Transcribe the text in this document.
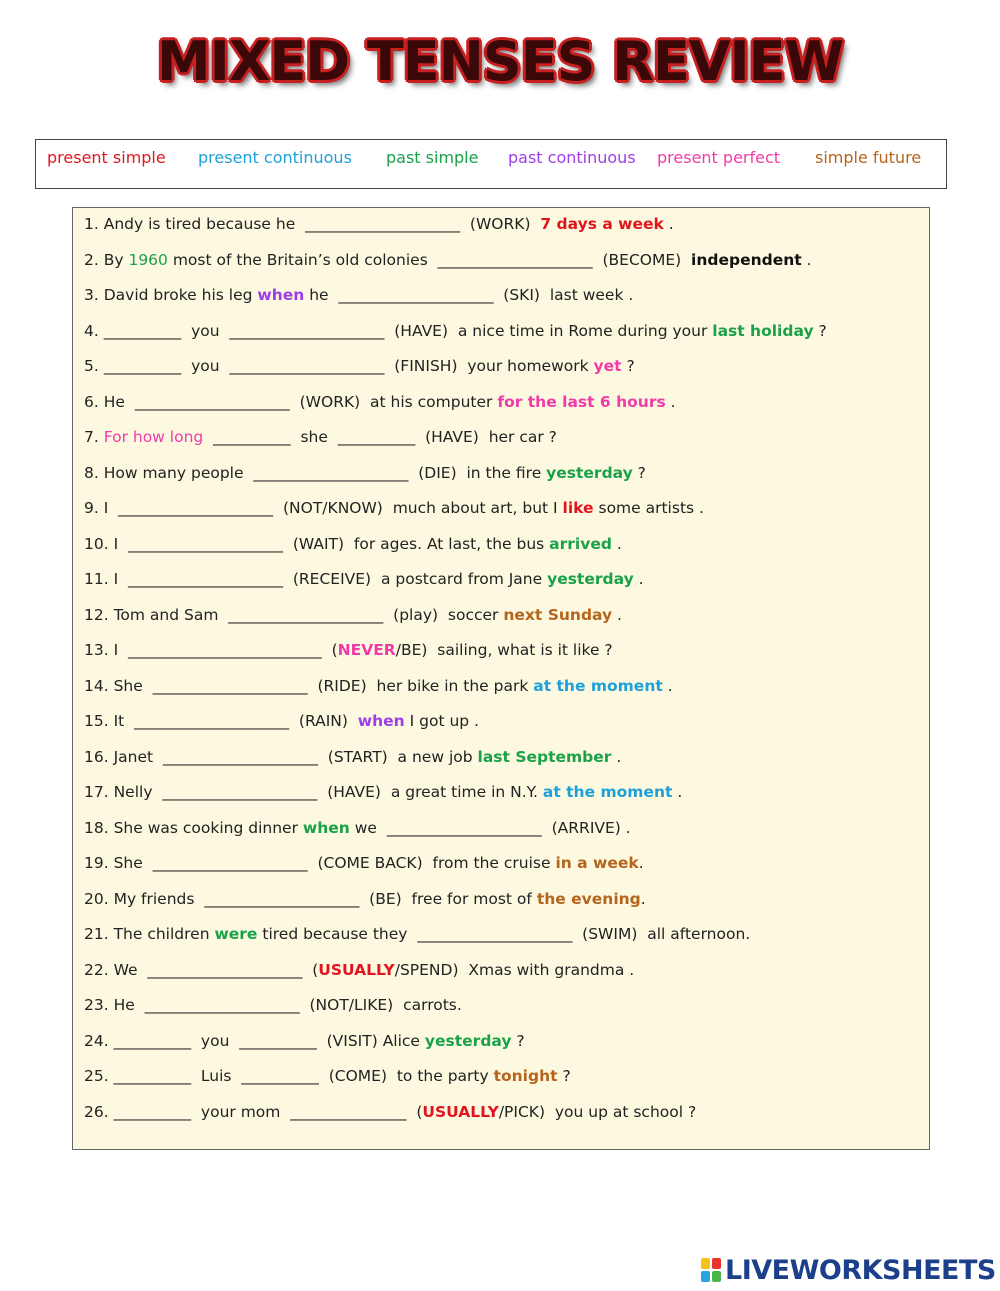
MIXED TENSES REVIEW
present simple present continuous past simple past continuous present perfect simple future
1. Andy is tired because he  ____________________  (WORK)  7 days a week .
2. By 1960 most of the Britain’s old colonies  ____________________  (BECOME)  independent .
3. David broke his leg when he  ____________________  (SKI)  last week .
4. __________  you  ____________________  (HAVE)  a nice time in Rome during your last holiday ?
5. __________  you  ____________________  (FINISH)  your homework yet ?
6. He  ____________________  (WORK)  at his computer for the last 6 hours .
7. For how long  __________  she  __________  (HAVE)  her car ?
8. How many people  ____________________  (DIE)  in the fire yesterday ?
9. I  ____________________  (NOT/KNOW)  much about art, but I like some artists .
10. I  ____________________  (WAIT)  for ages. At last, the bus arrived .
11. I  ____________________  (RECEIVE)  a postcard from Jane yesterday .
12. Tom and Sam  ____________________  (play)  soccer next Sunday .
13. I  _________________________  (NEVER/BE)  sailing, what is it like ?
14. She  ____________________  (RIDE)  her bike in the park at the moment .
15. It  ____________________  (RAIN)  when I got up .
16. Janet  ____________________  (START)  a new job last September .
17. Nelly  ____________________  (HAVE)  a great time in N.Y. at the moment .
18. She was cooking dinner when we  ____________________  (ARRIVE) .
19. She  ____________________  (COME BACK)  from the cruise in a week.
20. My friends  ____________________  (BE)  free for most of the evening.
21. The children were tired because they  ____________________  (SWIM)  all afternoon.
22. We  ____________________  (USUALLY/SPEND)  Xmas with grandma .
23. He  ____________________  (NOT/LIKE)  carrots.
24. __________  you  __________  (VISIT) Alice yesterday ?
25. __________  Luis  __________  (COME)  to the party tonight ?
26. __________  your mom  _______________  (USUALLY/PICK)  you up at school ?
LIVEWORKSHEETS
